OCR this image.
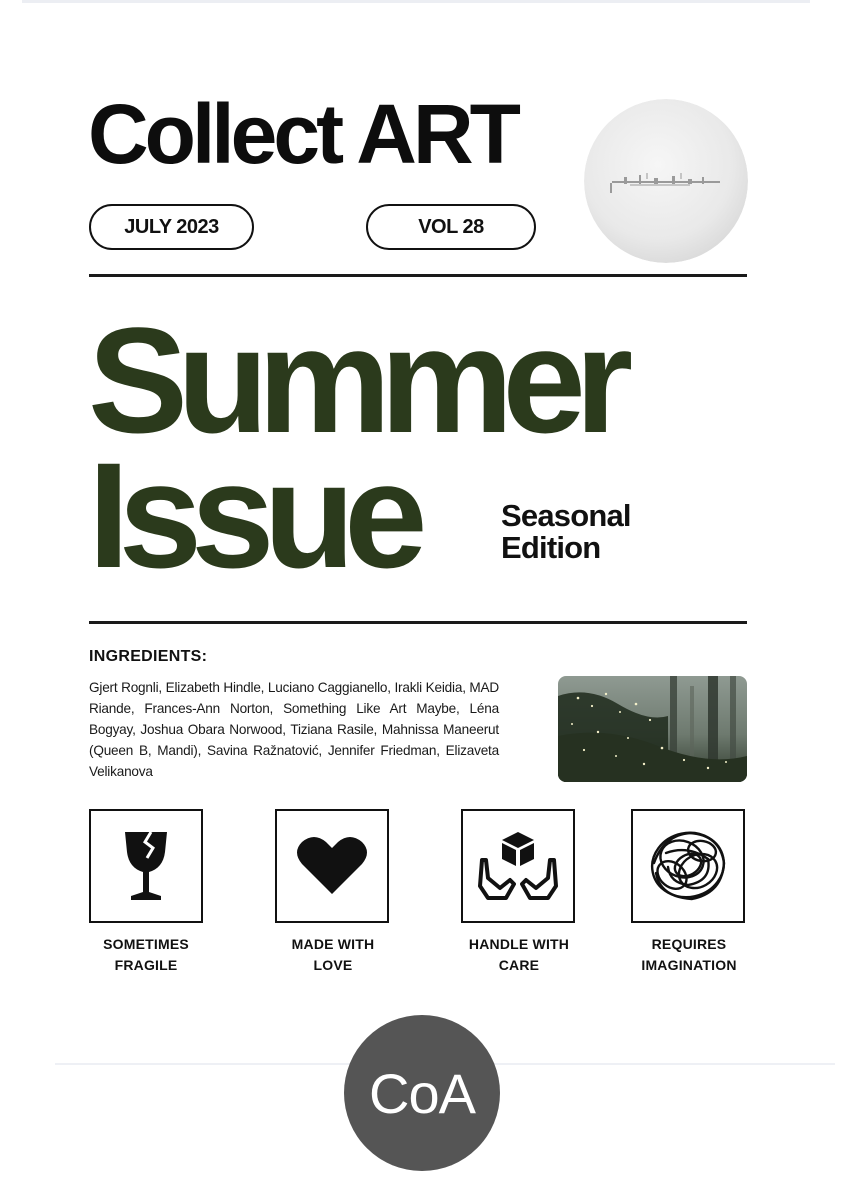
Collect ART
JULY 2023	VOL 28
Summer
Issue	Seasonal
Edition
INGREDIENTS:

Gjert Rognli, Elizabeth Hindle, Luciano Caggianello, Irakli Keidia, MAD Riande, Frances-Ann Norton, Something Like Art Maybe, Léna Bogyay, Joshua Obara Norwood, Tiziana Rasile, Mahnissa Maneerut (Queen B, Mandi), Savina Ražnatović, Jennifer Friedman, Elizaveta Velikanova

SOMETIMES
FRAGILE
MADE WITH
LOVE
HANDLE WITH
CARE
REQUIRES
IMAGINATION
CoA
